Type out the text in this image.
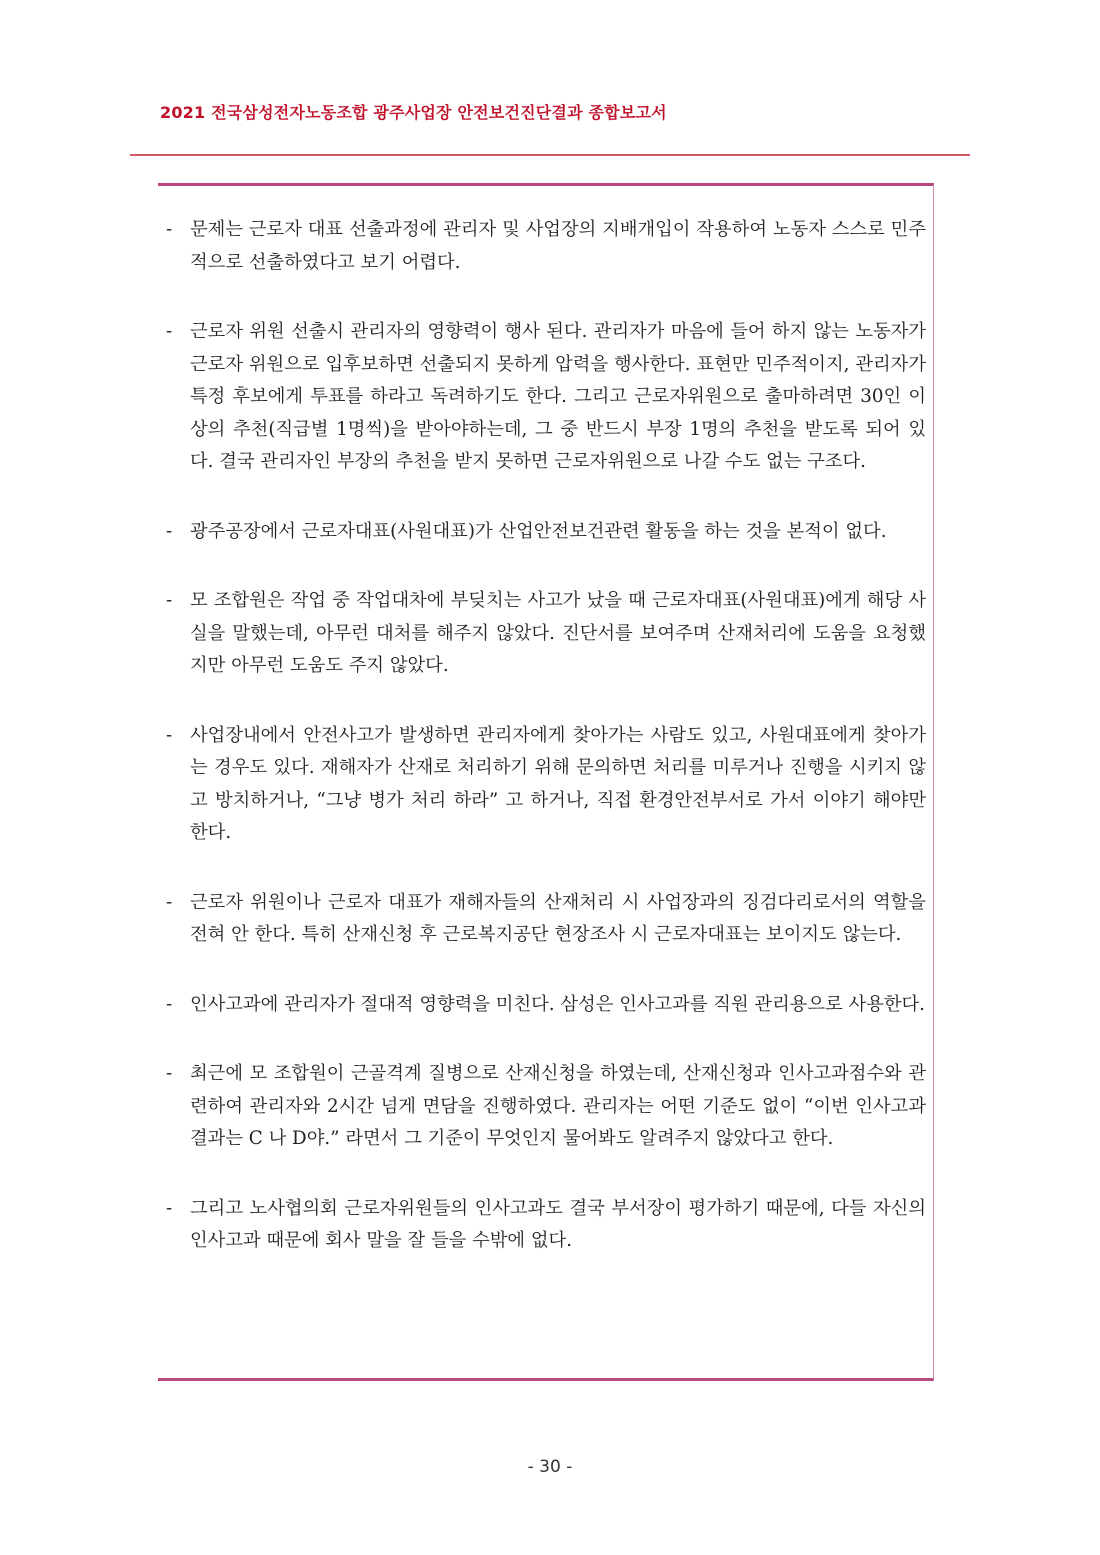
2021 전국삼성전자노동조합 광주사업장 안전보건진단결과 종합보고서
- 문제는 근로자 대표 선출과정에 관리자 및 사업장의 지배개입이 작용하여 노동자 스스로 민주적으로 선출하였다고 보기 어렵다.
- 근로자 위원 선출시 관리자의 영향력이 행사 된다. 관리자가 마음에 들어 하지 않는 노동자가 근로자 위원으로 입후보하면 선출되지 못하게 압력을 행사한다. 표현만 민주적이지, 관리자가 특정 후보에게 투표를 하라고 독려하기도 한다. 그리고 근로자위원으로 출마하려면 30인 이상의 추천(직급별 1명씩)을 받아야하는데, 그 중 반드시 부장 1명의 추천을 받도록 되어 있다. 결국 관리자인 부장의 추천을 받지 못하면 근로자위원으로 나갈 수도 없는 구조다.
- 광주공장에서 근로자대표(사원대표)가 산업안전보건관련 활동을 하는 것을 본적이 없다.
- 모 조합원은 작업 중 작업대차에 부딪치는 사고가 났을 때 근로자대표(사원대표)에게 해당 사실을 말했는데, 아무런 대처를 해주지 않았다. 진단서를 보여주며 산재처리에 도움을 요청했지만 아무런 도움도 주지 않았다.
- 사업장내에서 안전사고가 발생하면 관리자에게 찾아가는 사람도 있고, 사원대표에게 찾아가는 경우도 있다. 재해자가 산재로 처리하기 위해 문의하면 처리를 미루거나 진행을 시키지 않고 방치하거나, “그냥 병가 처리 하라” 고 하거나, 직접 환경안전부서로 가서 이야기 해야만 한다.
- 근로자 위원이나 근로자 대표가 재해자들의 산재처리 시 사업장과의 징검다리로서의 역할을 전혀 안 한다. 특히 산재신청 후 근로복지공단 현장조사 시 근로자대표는 보이지도 않는다.
- 인사고과에 관리자가 절대적 영향력을 미친다. 삼성은 인사고과를 직원 관리용으로 사용한다.
- 최근에 모 조합원이 근골격계 질병으로 산재신청을 하였는데, 산재신청과 인사고과점수와 관련하여 관리자와 2시간 넘게 면담을 진행하였다. 관리자는 어떤 기준도 없이 “이번 인사고과 결과는 C 나 D야.” 라면서 그 기준이 무엇인지 물어봐도 알려주지 않았다고 한다.
- 그리고 노사협의회 근로자위원들의 인사고과도 결국 부서장이 평가하기 때문에, 다들 자신의 인사고과 때문에 회사 말을 잘 들을 수밖에 없다.
- 30 -
